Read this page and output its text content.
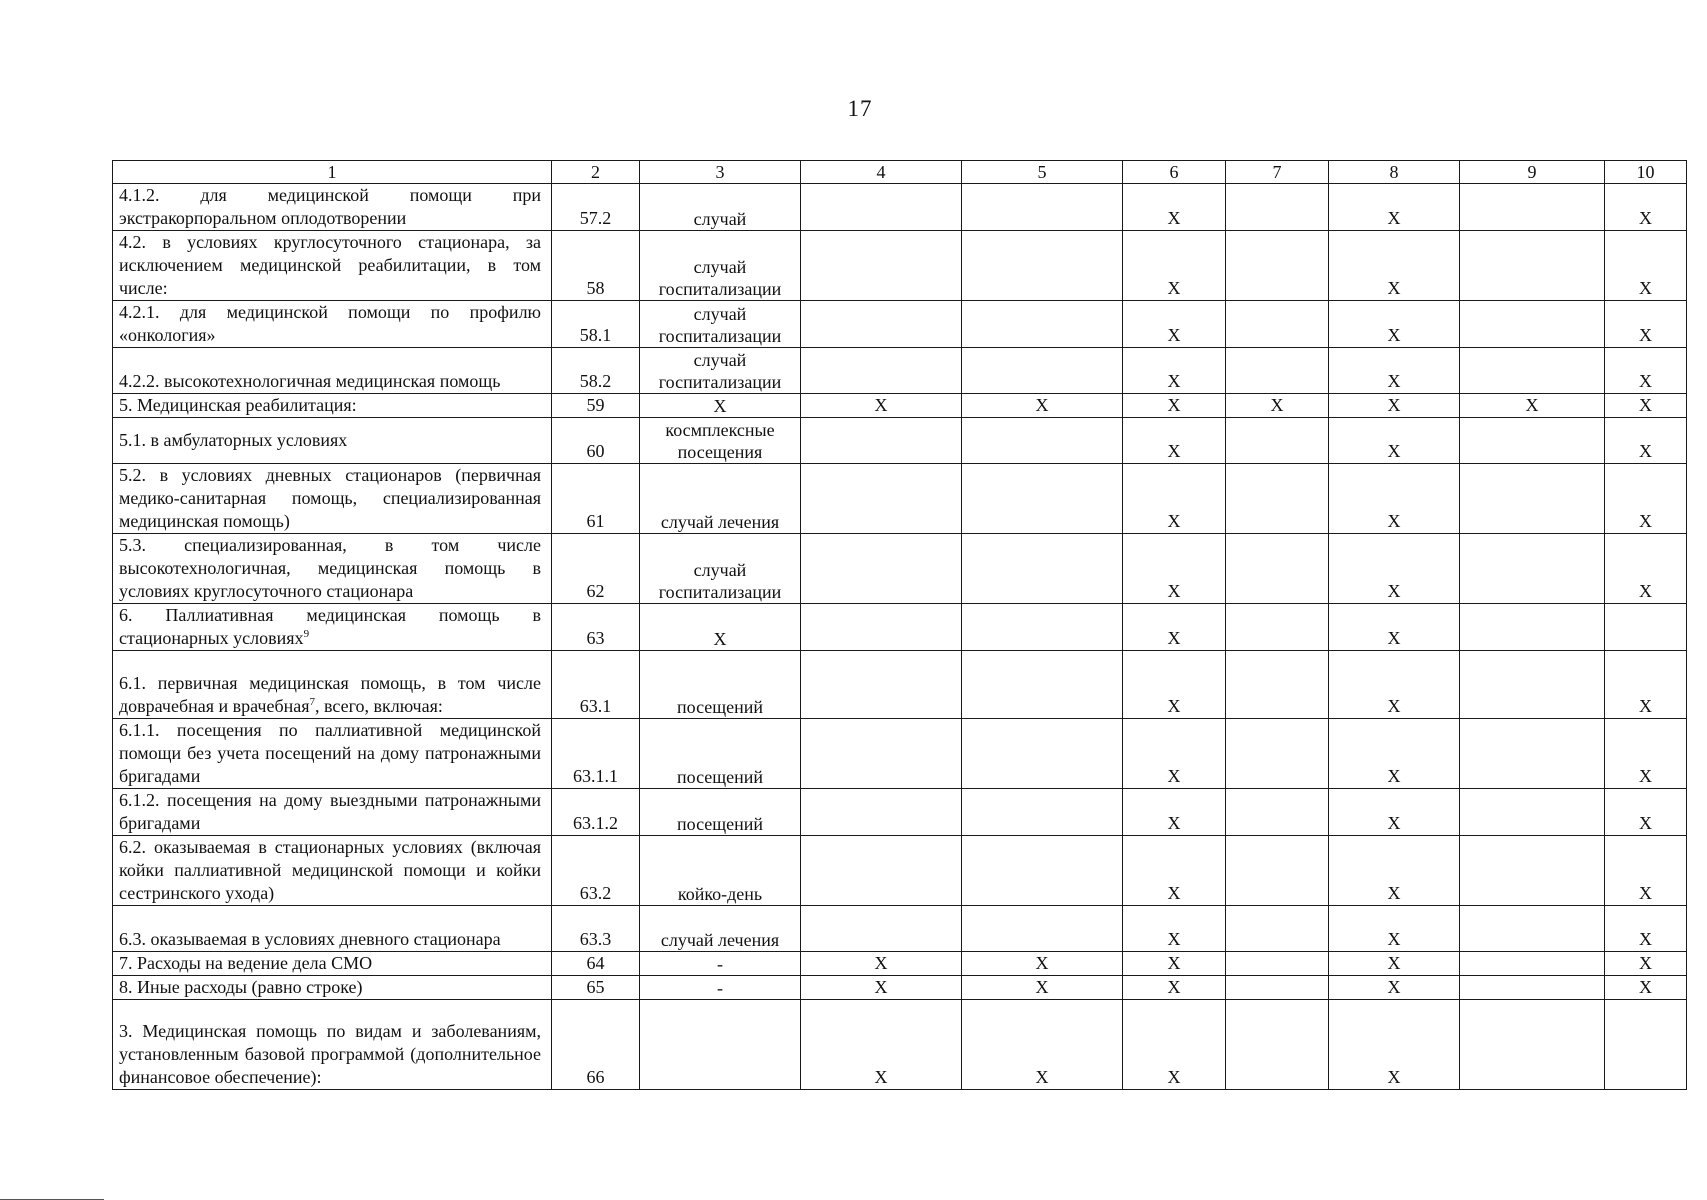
17
1	2	3	4	5	6	7	8	9	10
4.1.2. для медицинской помощи при экстракорпоральном оплодотворении	57.2	случай			Х		Х		Х
4.2. в условиях круглосуточного стационара, за исключением медицинской реабилитации, в том числе:	58	случай госпитализации			Х		Х		Х
4.2.1. для медицинской помощи по профилю «онкология»	58.1	случай госпитализации			Х		Х		Х
4.2.2. высокотехнологичная медицинская помощь	58.2	случай госпитализации			Х		Х		Х
5. Медицинская реабилитация:	59	Х	Х	Х	Х	Х	Х	Х	Х
5.1. в амбулаторных условиях	60	космплексные посещения			Х		Х		Х
5.2. в условиях дневных стационаров (первичная медико-санитарная помощь, специализированная медицинская помощь)	61	случай лечения			Х		Х		Х
5.3. специализированная, в том числе высокотехнологичная, медицинская помощь в условиях круглосуточного стационара	62	случай госпитализации			Х		Х		Х
6. Паллиативная медицинская помощь в стационарных условиях$^9$	63	Х			Х		Х		
6.1. первичная медицинская помощь, в том числе доврачебная и врачебная$^7$, всего, включая:	63.1	посещений			Х		Х		Х
6.1.1. посещения по паллиативной медицинской помощи без учета посещений на дому патронажными бригадами	63.1.1	посещений			Х		Х		Х
6.1.2. посещения на дому выездными патронажными бригадами	63.1.2	посещений			Х		Х		Х
6.2. оказываемая в стационарных условиях (включая койки паллиативной медицинской помощи и койки сестринского ухода)	63.2	койко-день			Х		Х		Х
6.3. оказываемая в условиях дневного стационара	63.3	случай лечения			Х		Х		Х
7. Расходы на ведение дела СМО	64	-	Х	Х	Х		Х		Х
8. Иные расходы (равно строке)	65	-	Х	Х	Х		Х		Х
3. Медицинская помощь по видам и заболеваниям, установленным базовой программой (дополнительное финансовое обеспечение):	66		Х	Х	Х		Х		
